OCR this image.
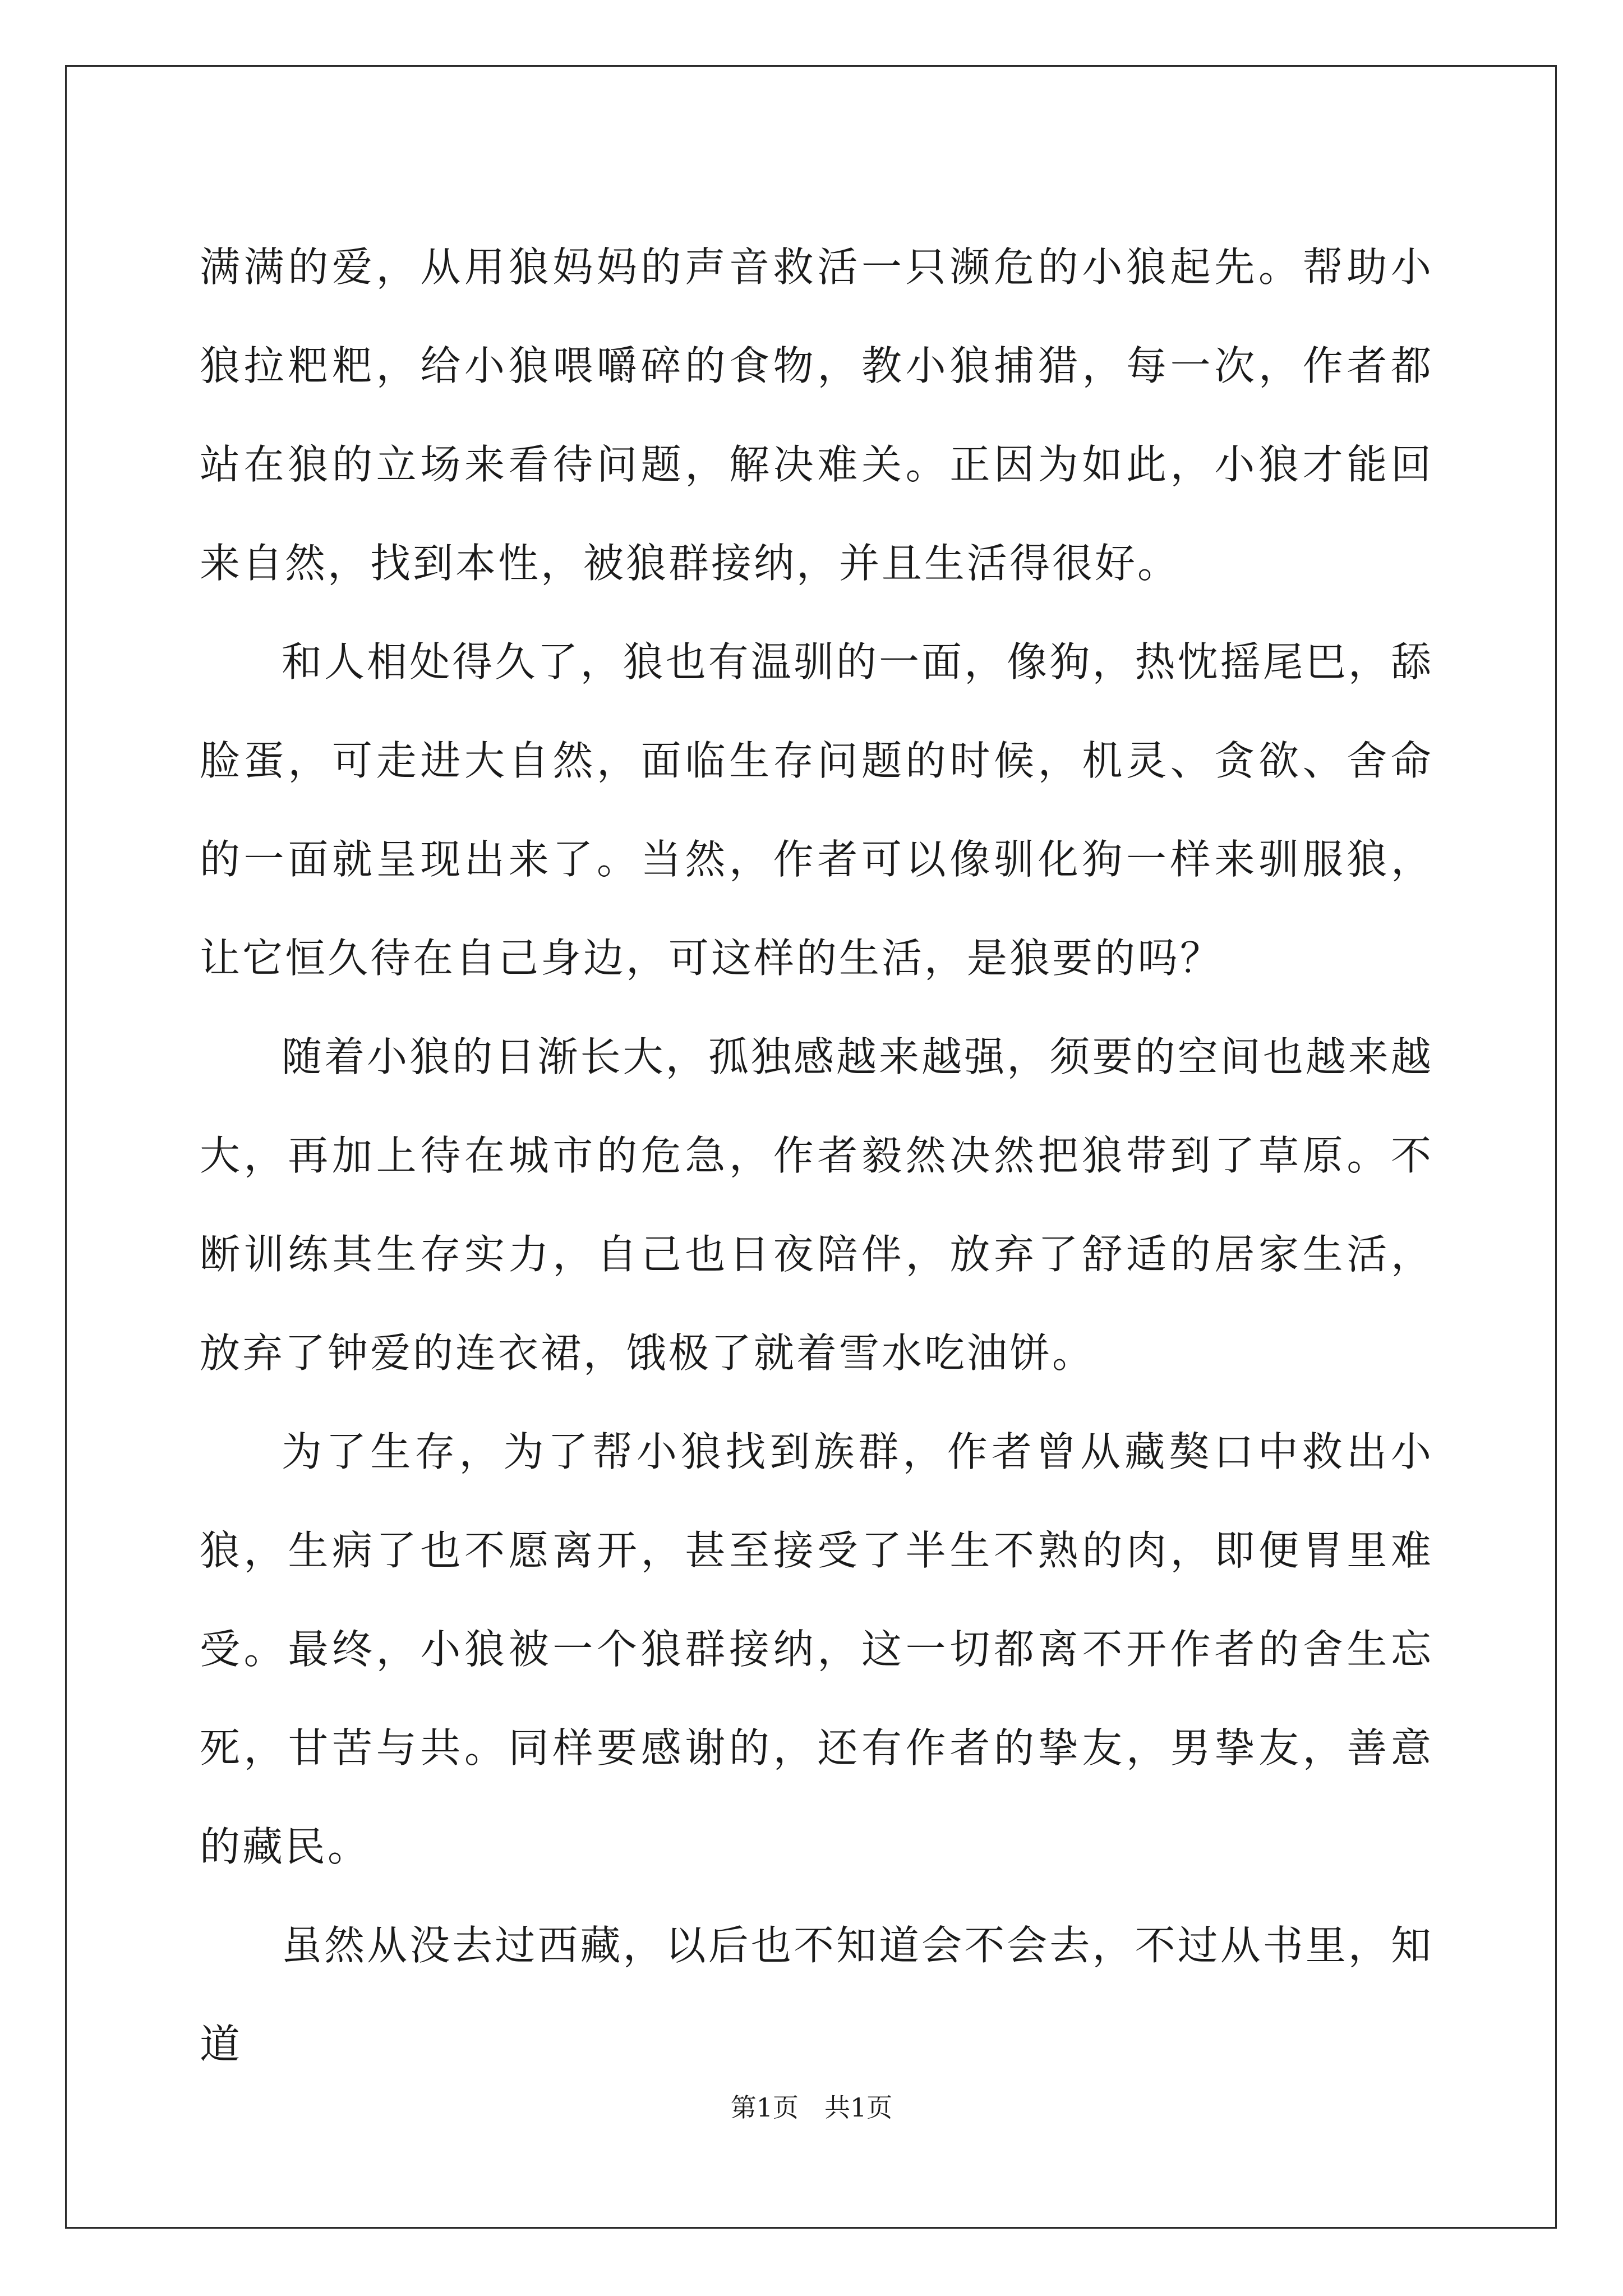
满满的爱，从用狼妈妈的声音救活一只濒危的小狼起先。帮助小狼拉粑粑，给小狼喂嚼碎的食物，教小狼捕猎，每一次，作者都站在狼的立场来看待问题，解决难关。正因为如此，小狼才能回来自然，找到本性，被狼群接纳，并且生活得很好。

和人相处得久了，狼也有温驯的一面，像狗，热忱摇尾巴，舔脸蛋，可走进大自然，面临生存问题的时候，机灵、贪欲、舍命的一面就呈现出来了。当然，作者可以像驯化狗一样来驯服狼，让它恒久待在自己身边，可这样的生活，是狼要的吗？

随着小狼的日渐长大，孤独感越来越强，须要的空间也越来越大，再加上待在城市的危急，作者毅然决然把狼带到了草原。不断训练其生存实力，自己也日夜陪伴，放弃了舒适的居家生活，放弃了钟爱的连衣裙，饿极了就着雪水吃油饼。

为了生存，为了帮小狼找到族群，作者曾从藏獒口中救出小狼，生病了也不愿离开，甚至接受了半生不熟的肉，即便胃里难受。最终，小狼被一个狼群接纳，这一切都离不开作者的舍生忘死，甘苦与共。同样要感谢的，还有作者的挚友，男挚友，善意的藏民。

虽然从没去过西藏，以后也不知道会不会去，不过从书里，知道

第1页 共1页
